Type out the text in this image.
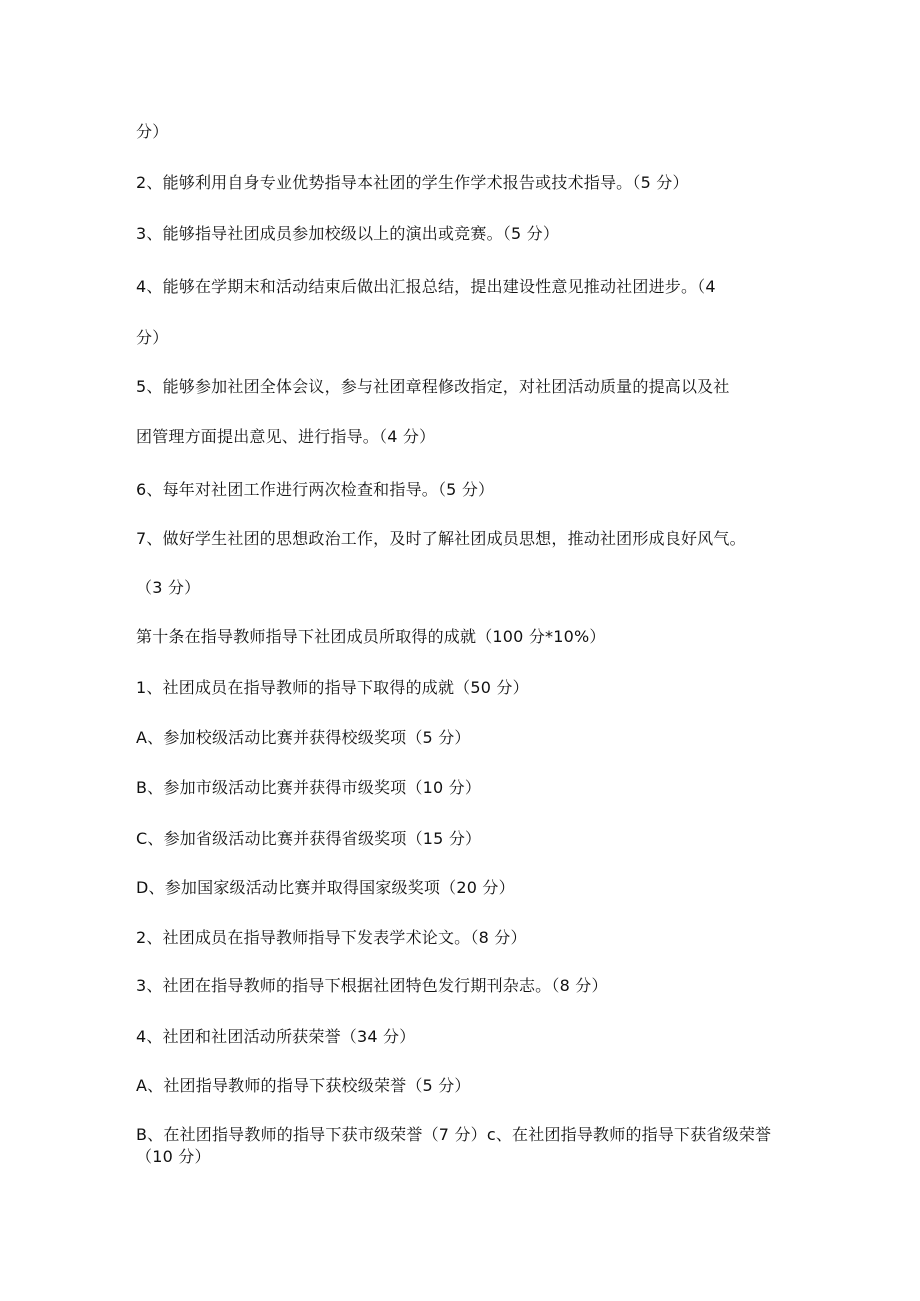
分）
2、能够利用自身专业优势指导本社团的学生作学术报告或技术指导。（5 分）
3、能够指导社团成员参加校级以上的演出或竞赛。（5 分）
4、能够在学期末和活动结束后做出汇报总结，提出建设性意见推动社团进步。（4
分）
5、能够参加社团全体会议，参与社团章程修改指定，对社团活动质量的提高以及社
团管理方面提出意见、进行指导。（4 分）
6、每年对社团工作进行两次检查和指导。（5 分）
7、做好学生社团的思想政治工作，及时了解社团成员思想，推动社团形成良好风气。
（3 分）
第十条在指导教师指导下社团成员所取得的成就（100 分*10%）
1、社团成员在指导教师的指导下取得的成就（50 分）
A、参加校级活动比赛并获得校级奖项（5 分）
B、参加市级活动比赛并获得市级奖项（10 分）
C、参加省级活动比赛并获得省级奖项（15 分）
D、参加国家级活动比赛并取得国家级奖项（20 分）
2、社团成员在指导教师指导下发表学术论文。（8 分）
3、社团在指导教师的指导下根据社团特色发行期刊杂志。（8 分）
4、社团和社团活动所获荣誉（34 分）
A、社团指导教师的指导下获校级荣誉（5 分）
B、在社团指导教师的指导下获市级荣誉（7 分）c、在社团指导教师的指导下获省级荣誉（10 分）
